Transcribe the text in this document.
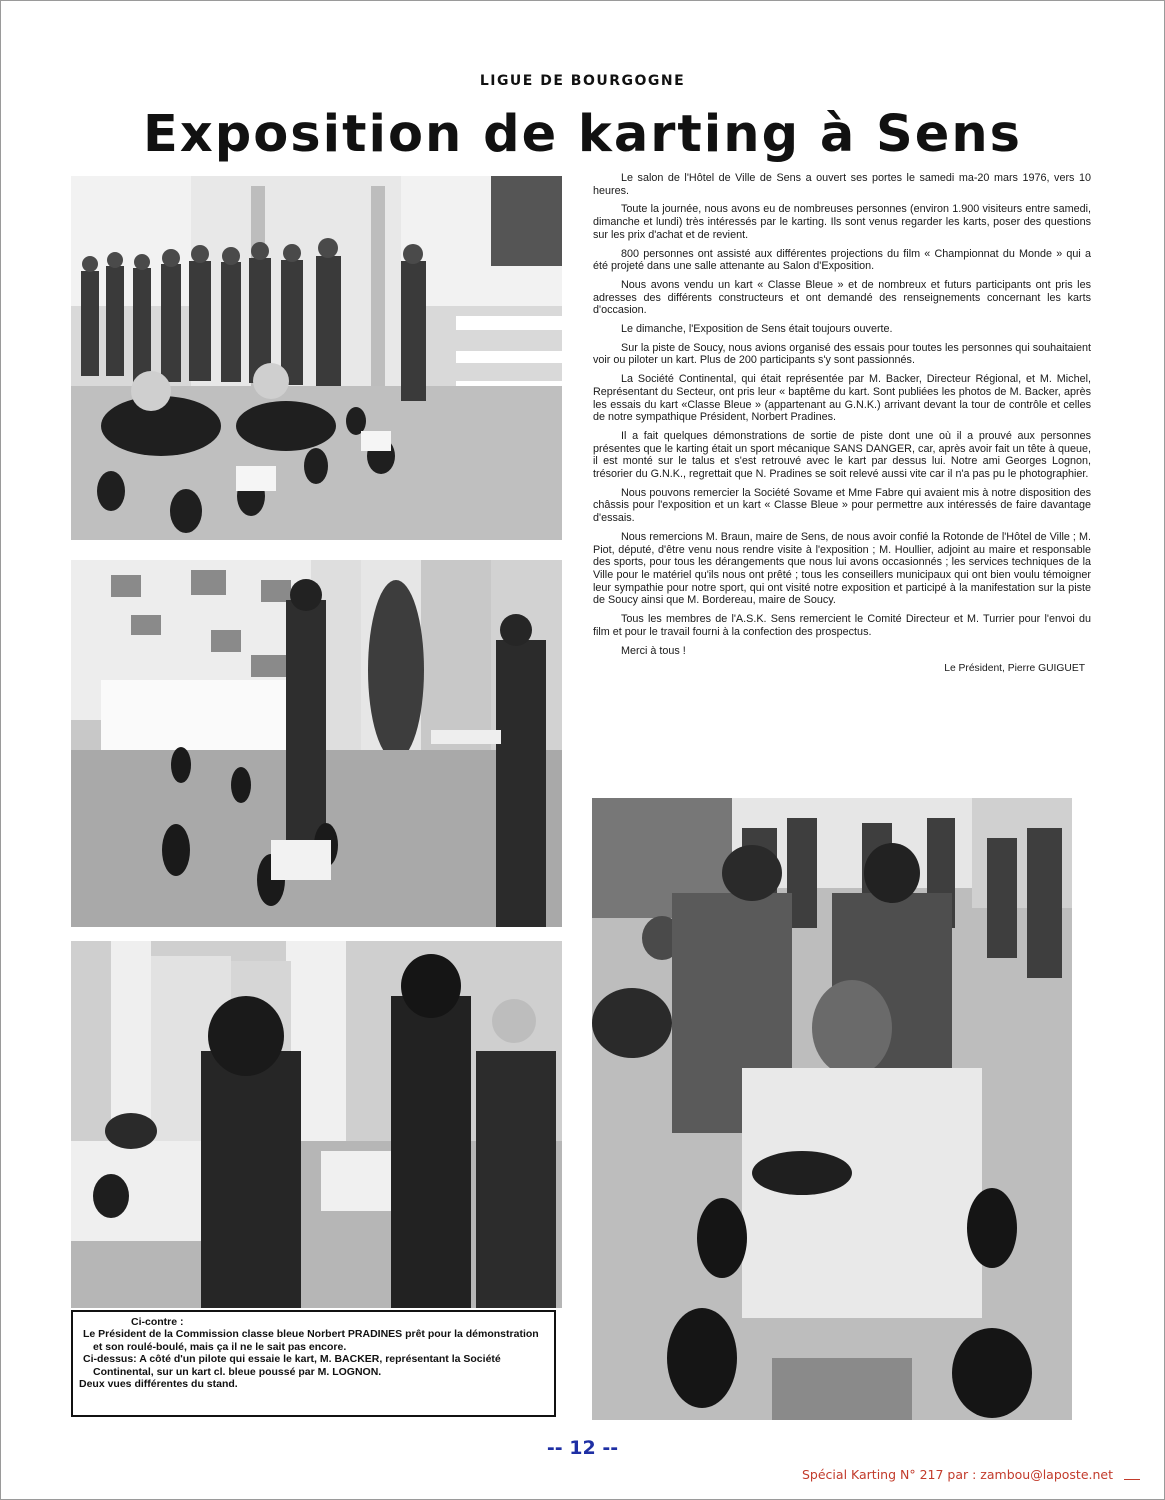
LIGUE DE BOURGOGNE
Exposition de karting à Sens

Ci-contre :

Le Président de la Commission classe bleue Norbert PRADINES prêt pour la démonstration et son roulé-boulé, mais ça il ne le sait pas encore.

Ci-dessus: A côté d'un pilote qui essaie le kart, M. BACKER, représentant la Société Continental, sur un kart cl. bleue poussé par M. LOGNON.

Deux vues différentes du stand.

Le salon de l'Hôtel de Ville de Sens a ouvert ses portes le samedi ma-20 mars 1976, vers 10 heures.

Toute la journée, nous avons eu de nombreuses personnes (environ 1.900 visiteurs entre samedi, dimanche et lundi) très intéressés par le karting. Ils sont venus regarder les karts, poser des questions sur les prix d'achat et de revient.

800 personnes ont assisté aux différentes projections du film « Championnat du Monde » qui a été projeté dans une salle attenante au Salon d'Exposition.

Nous avons vendu un kart « Classe Bleue » et de nombreux et futurs participants ont pris les adresses des différents constructeurs et ont demandé des renseignements concernant les karts d'occasion.

Le dimanche, l'Exposition de Sens était toujours ouverte.

Sur la piste de Soucy, nous avions organisé des essais pour toutes les personnes qui souhaitaient voir ou piloter un kart. Plus de 200 participants s'y sont passionnés.

La Société Continental, qui était représentée par M. Backer, Directeur Régional, et M. Michel, Représentant du Secteur, ont pris leur « baptême du kart. Sont publiées les photos de M. Backer, après les essais du kart «Classe Bleue » (appartenant au G.N.K.) arrivant devant la tour de contrôle et celles de notre sympathique Président, Norbert Pradines.

Il a fait quelques démonstrations de sortie de piste dont une où il a prouvé aux personnes présentes que le karting était un sport mécanique SANS DANGER, car, après avoir fait un tête à queue, il est monté sur le talus et s'est retrouvé avec le kart par dessus lui. Notre ami Georges Lognon, trésorier du G.N.K., regrettait que N. Pradines se soit relevé aussi vite car il n'a pas pu le photographier.

Nous pouvons remercier la Société Sovame et Mme Fabre qui avaient mis à notre disposition des châssis pour l'exposition et un kart « Classe Bleue » pour permettre aux intéressés de faire davantage d'essais.

Nous remercions M. Braun, maire de Sens, de nous avoir confié la Rotonde de l'Hôtel de Ville ; M. Piot, député, d'être venu nous rendre visite à l'exposition ; M. Houllier, adjoint au maire et responsable des sports, pour tous les dérangements que nous lui avons occasionnés ; les services techniques de la Ville pour le matériel qu'ils nous ont prêté ; tous les conseillers municipaux qui ont bien voulu témoigner leur sympathie pour notre sport, qui ont visité notre exposition et participé à la manifestation sur la piste de Soucy ainsi que M. Bordereau, maire de Soucy.

Tous les membres de l'A.S.K. Sens remercient le Comité Directeur et M. Turrier pour l'envoi du film et pour le travail fourni à la confection des prospectus.

Merci à tous !

Le Président, Pierre GUIGUET
-- 12 --
Spécial Karting N° 217 par : zambou@laposte.net
